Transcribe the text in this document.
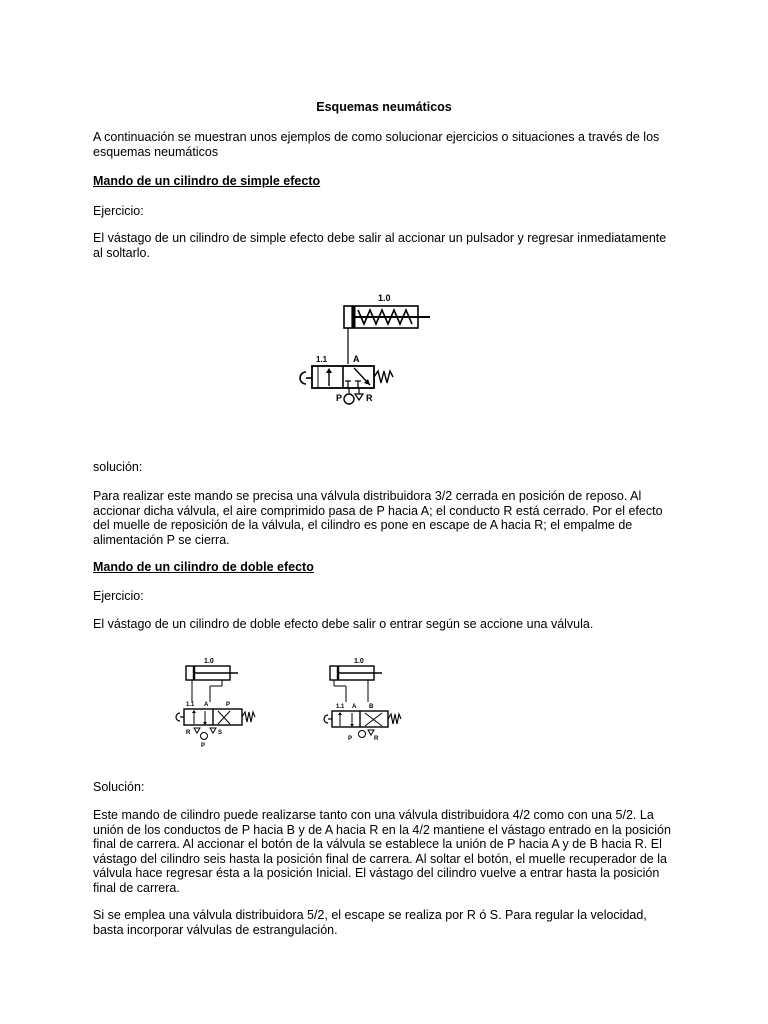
Esquemas neumáticos

A continuación se muestran unos ejemplos de como solucionar ejercicios o situaciones a través de los esquemas neumáticos

Mando de un cilindro de simple efecto

Ejercicio:

El vástago de un cilindro de simple efecto debe salir al accionar un pulsador y regresar inmediatamente al soltarlo.

1.0
1.1	A
P	R

solución:

Para realizar este mando se precisa una válvula distribuidora 3/2 cerrada en posición de reposo. Al accionar dicha válvula, el aire comprimido pasa de P hacia A; el conducto R está cerrado. Por el efecto del muelle de reposición de la válvula, el cilindro es pone en escape de A hacia R; el empalme de alimentación P se cierra.

Mando de un cilindro de doble efecto

Ejercicio:

El vástago de un cilindro de doble efecto debe salir o entrar según se accione una válvula.

1.0
1.1 A	P
R	S
P
1.0
1.1 A B
P	R

Solución:

Este mando de cilindro puede realizarse tanto con una válvula distribuidora 4/2 como con una 5/2. La unión de los conductos de P hacia B y de A hacia R en la 4/2 mantiene el vástago entrado en la posición final de carrera. Al accionar el botón de la válvula se establece la unión de P hacia A y de B hacia R. El vástago del cilindro seis hasta la posición final de carrera. Al soltar el botón, el muelle recuperador de la válvula hace regresar ésta a la posición Inicial. El vástago del cilindro vuelve a entrar hasta la posición final de carrera.

Si se emplea una válvula distribuidora 5/2, el escape se realiza por R ó S. Para regular la velocidad, basta incorporar válvulas de estrangulación.
